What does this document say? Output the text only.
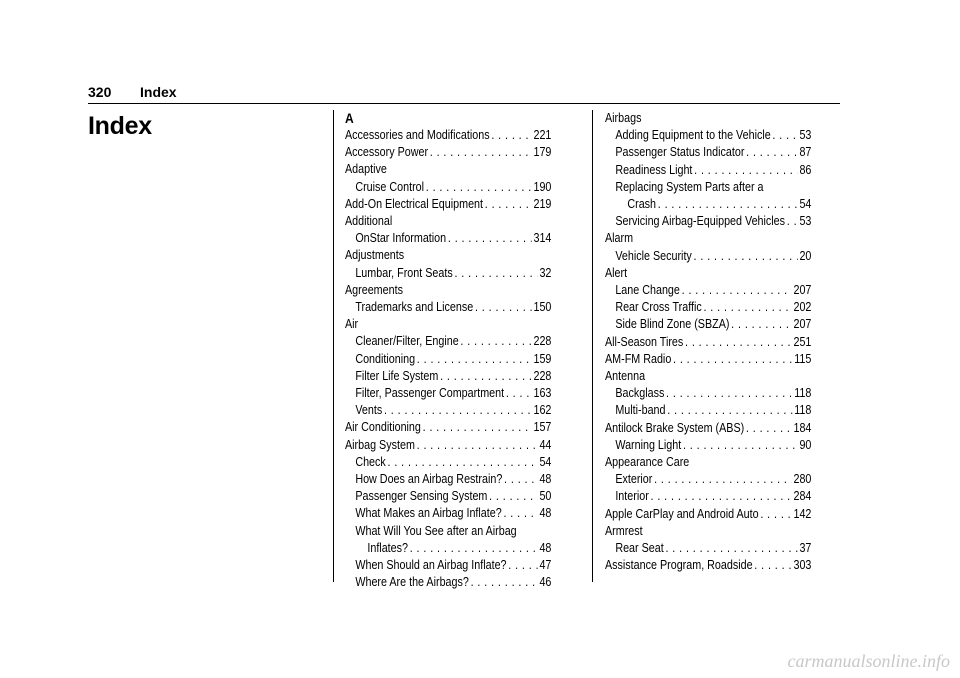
320 Index
Index	A
Accessories and Modifications . . .	221
Accessory Power . . .	179
Adaptive
Cruise Control . . .	190
Add-On Electrical Equipment . . .	219
Additional
OnStar Information . . .	314
Adjustments
Lumbar, Front Seats . . .	32
Agreements
Trademarks and License . . .	150
Air
Cleaner/Filter, Engine . . .	228
Conditioning . . .	159
Filter Life System . . .	228
Filter, Passenger Compartment . . . 163
Vents . . .	162
Air Conditioning . . .	157
Airbag System . . .	44
Check . . .	54
How Does an Airbag Restrain? . . .	48
Passenger Sensing System . . .	50
What Makes an Airbag Inflate? . . .	48
What Will You See after an Airbag
Inflates? . . .	48
When Should an Airbag Inflate? . . .	47
Where Are the Airbags? . . .	46
Airbags
Adding Equipment to the Vehicle . . . 53
Passenger Status Indicator . . .	87
Readiness Light . . .	86
Replacing System Parts after a
Crash . . .	54
Servicing Airbag-Equipped Vehicles . . . 53
Alarm
Vehicle Security . . .	20
Alert
Lane Change . . .	207
Rear Cross Traffic . . .	202
Side Blind Zone (SBZA) . . .	207
All-Season Tires . . .	251
AM-FM Radio . . .	115
Antenna
Backglass . . .	118
Multi-band . . .	118
Antilock Brake System (ABS) . . .	184
Warning Light . . .	90
Appearance Care
Exterior . . .	280
Interior . . .	284
Apple CarPlay and Android Auto . . .	142
Armrest
Rear Seat . . .	37
Assistance Program, Roadside . . .	303
carmanualsonline.info
